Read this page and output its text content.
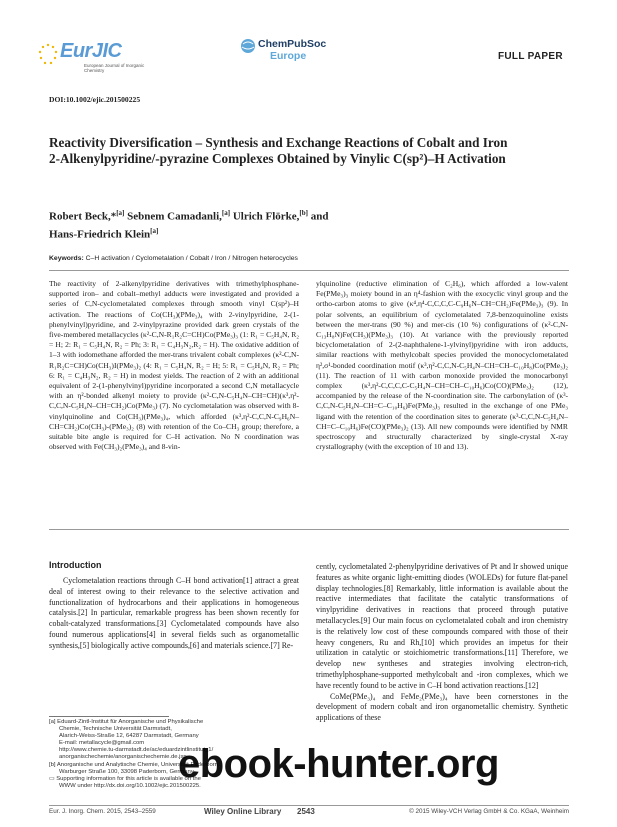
EurJIC
European Journal of Inorganic Chemistry
ChemPubSoc
Europe	FULL PAPER
DOI:10.1002/ejic.201500225
Reactivity Diversification – Synthesis and Exchange Reactions of Cobalt and Iron 2-Alkenylpyridine/-pyrazine Complexes Obtained by Vinylic C(sp²)–H Activation
Robert Beck,*[a] Sebnem Camadanli,[a] Ulrich Flörke,[b] and
Hans-Friedrich Klein[a]
Keywords: C–H activation / Cyclometalation / Cobalt / Iron / Nitrogen heterocycles
The reactivity of 2-alkenylpyridine derivatives with trimethylphosphane-supported iron– and cobalt–methyl adducts were investigated and provided a series of C,N-cyclometalated complexes through smooth vinyl C(sp²)–H activation. The reactions of Co(CH₃)(PMe₃)₄ with 2-vinylpyridine, 2-(1-phenylvinyl)pyridine, and 2-vinylpyrazine provided dark green crystals of the five-membered metallacycles (κ²-C,N-R₁R₂C=CH)Co(PMe₃)₃ (1: R₁ = C₅H₄N, R₂ = H; 2: R₁ = C₅H₄N, R₂ = Ph; 3: R₁ = C₄H₃N₂,R₂ = H). The oxidative addition of 1–3 with iodomethane afforded the mer-trans trivalent cobalt complexes (κ²-C,N-R₁R₂C=CH)Co(CH₃)I(PMe₃)₂ (4: R₁ = C₅H₄N, R₂ = H; 5: R₁ = C₅H₄N, R₂ = Ph; 6: R₁ = C₄H₃N₂, R₂ = H) in modest yields. The reaction of 2 with an additional equivalent of 2-(1-phenylvinyl)pyridine incorporated a second C,N metallacycle with an η²-bonded alkenyl moiety to provide (κ²-C,N-C₅H₄N–CH=CH)(κ³,η²-C,C,N-C₅H₄N–CH=CH₂)Co(PMe₃) (7). No cyclometalation was observed with 8-vinylquinoline and Co(CH₃)(PMe₃)₄, which afforded (κ³,η²-C,C,N-C₉H₆N–CH=CH₂)Co(CH₃)-(PMe₃)₂ (8) with retention of the Co–CH₃ group; therefore, a suitable bite angle is required for C–H activation. No N coordination was observed with Fe(CH₃)₂(PMe₃)₄ and 8-vin-
ylquinoline (reductive elimination of C₂H₆), which afforded a low-valent Fe(PMe₃)₃ moiety bound in an η⁴-fashion with the exocyclic vinyl group and the ortho-carbon atoms to give (κ⁴,η⁴-C,C,C,C-C₉H₆N–CH=CH₂)Fe(PMe₃)₃ (9). In polar solvents, an equilibrium of cyclometalated 7,8-benzoquinoline exists between the mer-trans (90 %) and mer-cis (10 %) configurations of (κ²-C,N-C₁₃H₈N)Fe(CH₃)(PMe₃)₃ (10). At variance with the previously reported bicyclometalation of 2-(2-naphthalene-1-ylvinyl)pyridine with iron adducts, similar reactions with methylcobalt species provided the monocyclometalated η²,σ¹-bonded coordination motif (κ³,η²-C,C,N-C₅H₄N–CH=CH–C₁₀H₈)Co(PMe₃)₂ (11). The reaction of 11 with carbon monoxide provided the monocarbonyl complex (κ³,η²-C,C,C,C-C₅H₄N–CH=CH–C₁₀H₆)Co(CO)(PMe₃)₂ (12), accompanied by the release of the N-coordination site. The carbonylation of (κ³-C,C,N-C₅H₄N–CH=C–C₁₀H₆)Fe(PMe₃)₃ resulted in the exchange of one PMe₃ ligand with the retention of the coordination sites to generate (κ³-C,C,N-C₅H₄N–CH=C–C₁₀H₆)Fe(CO)(PMe₃)₂ (13). All new compounds were identified by NMR spectroscopy and structurally characterized by single-crystal X-ray crystallography (with the exception of 10 and 13).
Introduction
Cyclometalation reactions through C–H bond activation[1] attract a great deal of interest owing to their relevance to the selective activation and functionalization of hydrocarbons and their applications in homogeneous catalysis.[2] In particular, remarkable progress has been shown recently for cobalt-catalyzed transformations.[3] Cyclometalated compounds have also found numerous applications[4] in several fields such as organometallic synthesis,[5] biologically active compounds,[6] and materials science.[7] Re-
cently, cyclometalated 2-phenylpyridine derivatives of Pt and Ir showed unique features as white organic light-emitting diodes (WOLEDs) for future flat-panel display technologies.[8] Remarkably, little information is available about the reactive intermediates that facilitate the catalytic transformations of vinylpyridine derivatives in reactions that proceed through putative metallacycles.[9] Our main focus on cyclometalated cobalt and iron chemistry is the relatively low cost of these compounds compared with those of their heavy congeners, Ru and Rh,[10] which provides an impetus for their utilization in catalytic or stoichiometric transformations.[11] Therefore, we develop new syntheses and strategies involving electron-rich, trimethylphosphane-supported methylcobalt and -iron complexes, which we have recently found to be active in C–H bond activation reactions.[12]
CoMe(PMe₃)₄ and FeMe₂(PMe₃)₄ have been cornerstones in the development of modern cobalt and iron organometallic chemistry. Synthetic applications of these
[a] Eduard-Zintl-Institut für Anorganische und Physikalische
Chemie, Technische Universität Darmstadt,
Alarich-Weiss-Straße 12, 64287 Darmstadt, Germany
E-mail: metallacycle@gmail.com
http://www.chemie.tu-darmstadt.de/ac/eduardzintlinstitut_1/
anorganischechemie/anorganischechemie.de.jsp
[b] Anorganische und Analytische Chemie, Universität Paderborn,
Warburger Straße 100, 33098 Paderborn, Germany
▭ Supporting information for this article is available on the
WWW under http://dx.doi.org/10.1002/ejic.201500225.
Eur. J. Inorg. Chem. 2015, 2543–2559	Wiley Online Library 2543	© 2015 Wiley-VCH Verlag GmbH & Co. KGaA, Weinheim
ebook-hunter.org
